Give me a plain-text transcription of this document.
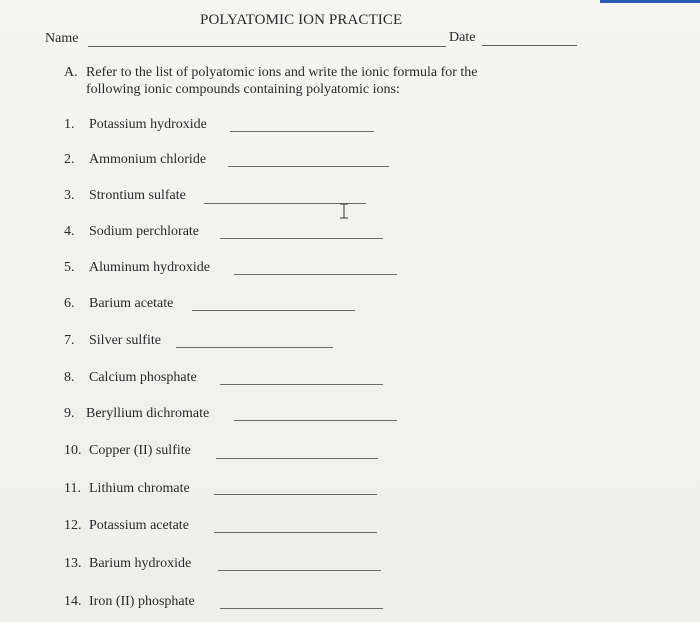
POLYATOMIC ION PRACTICE
Name	Date
A. Refer to the list of polyatomic ions and write the ionic formula for the
following ionic compounds containing polyatomic ions:
1. Potassium hydroxide
2. Ammonium chloride
3. Strontium sulfate
4. Sodium perchlorate
5. Aluminum hydroxide
6. Barium acetate
7. Silver sulfite
8. Calcium phosphate
9. Beryllium dichromate
10. Copper (II) sulfite
11. Lithium chromate
12. Potassium acetate
13. Barium hydroxide
14. Iron (II) phosphate
